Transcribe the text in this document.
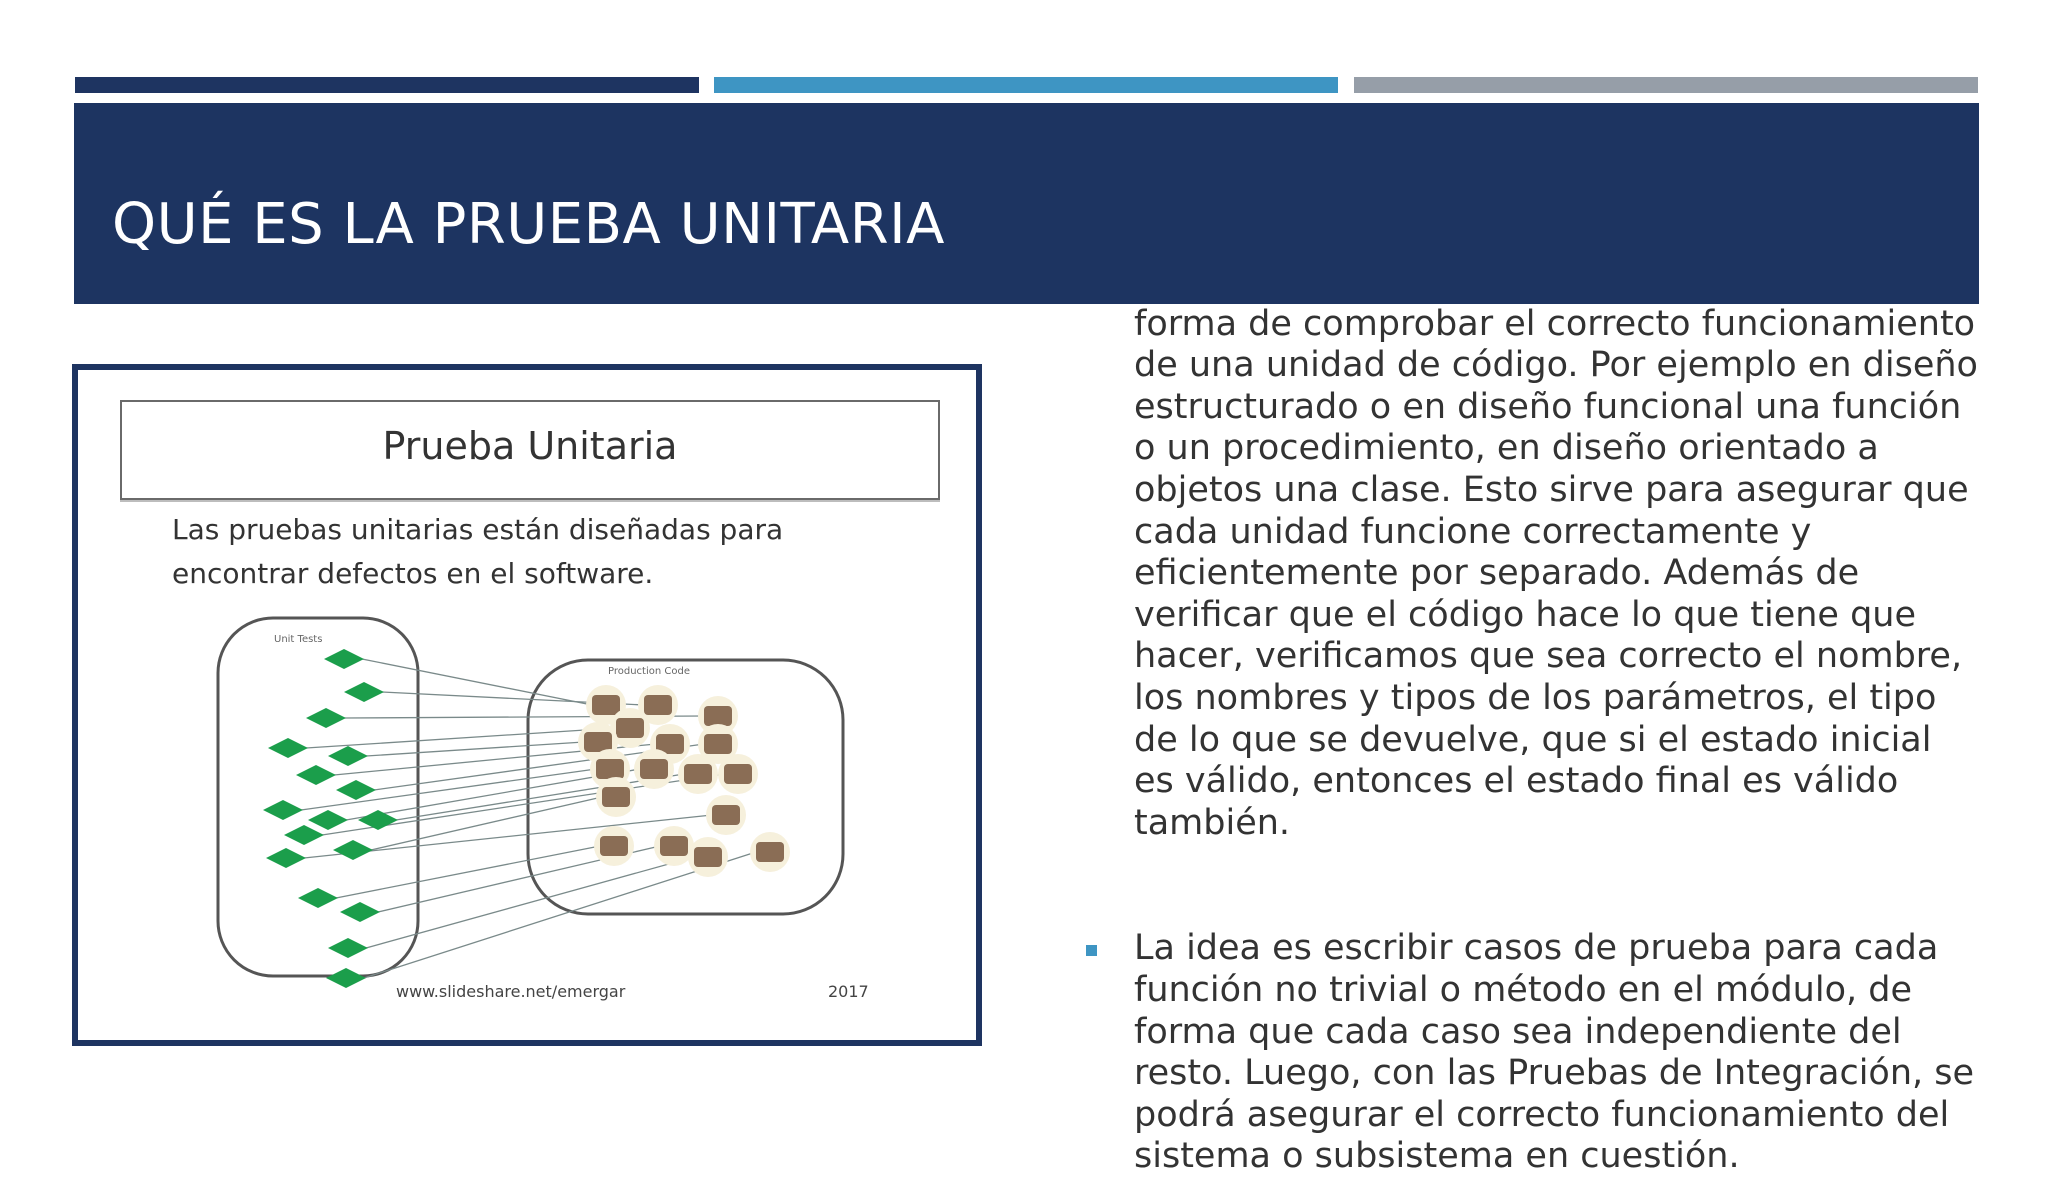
QUÉ ES LA PRUEBA UNITARIA
Prueba Unitaria
Las pruebas unitarias están diseñadas para encontrar defectos en el software.
Unit Tests
Production Code
www.slideshare.net/emergar	2017
forma de comprobar el correcto funcionamiento de una unidad de código. Por ejemplo en diseño estructurado o en diseño funcional una función o un procedimiento, en diseño orientado a objetos una clase. Esto sirve para asegurar que cada unidad funcione correctamente y eficientemente por separado. Además de verificar que el código hace lo que tiene que hacer, verificamos que sea correcto el nombre, los nombres y tipos de los parámetros, el tipo de lo que se devuelve, que si el estado inicial es válido, entonces el estado final es válido también.
La idea es escribir casos de prueba para cada función no trivial o método en el módulo, de forma que cada caso sea independiente del resto. Luego, con las Pruebas de Integración, se podrá asegurar el correcto funcionamiento del sistema o subsistema en cuestión.
